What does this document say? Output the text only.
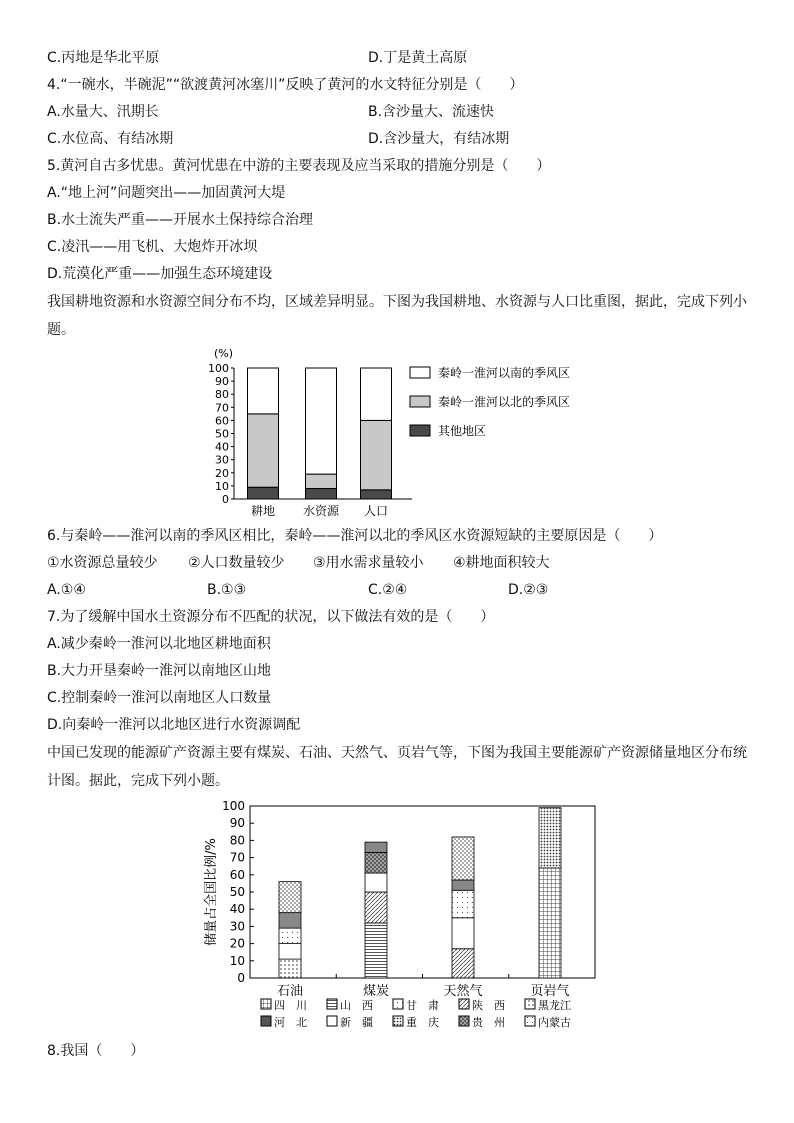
C.丙地是华北平原	D.丁是黄土高原
4.“一碗水，半碗泥”“欲渡黄河冰塞川”反映了黄河的水文特征分别是（　　）
A.水量大、汛期长	B.含沙量大、流速快
C.水位高、有结冰期	D.含沙量大，有结冰期
5.黄河自古多忧患。黄河忧患在中游的主要表现及应当采取的措施分别是（　　）
A.“地上河”问题突出——加固黄河大堤
B.水土流失严重——开展水土保持综合治理
C.凌汛——用飞机、大炮炸开冰坝
D.荒漠化严重——加强生态环境建设
我国耕地资源和水资源空间分布不均，区域差异明显。下图为我国耕地、水资源与人口比重图，据此，完成下列小
题。
(%)
0
10
20
30
40
50
60
70
80
90
100
耕地 水资源 人口
秦岭一淮河以南的季风区
秦岭一淮河以北的季风区
其他地区
6.与秦岭——淮河以南的季风区相比，秦岭——淮河以北的季风区水资源短缺的主要原因是（　　）
①水资源总量较少 ②人口数量较少 ③用水需求量较小 ④耕地面积较大
A.①④	B.①③	C.②④	D.②③
7.为了缓解中国水土资源分布不匹配的状况，以下做法有效的是（　　）
A.减少秦岭一淮河以北地区耕地面积
B.大力开垦秦岭一淮河以南地区山地
C.控制秦岭一淮河以南地区人口数量
D.向秦岭一淮河以北地区进行水资源调配
中国已发现的能源矿产资源主要有煤炭、石油、天然气、页岩气等，下图为我国主要能源矿产资源储量地区分布统
计图。据此，完成下列小题。
0
10
20
30
40
50
60
70
80
90
100
储量占全国比例/%
石油	煤炭	天然气	页岩气
四　川	山　西	甘　肃	陕　西	黑龙江
河　北	新　疆	重　庆	贵　州	内蒙古
8.我国（　　）
